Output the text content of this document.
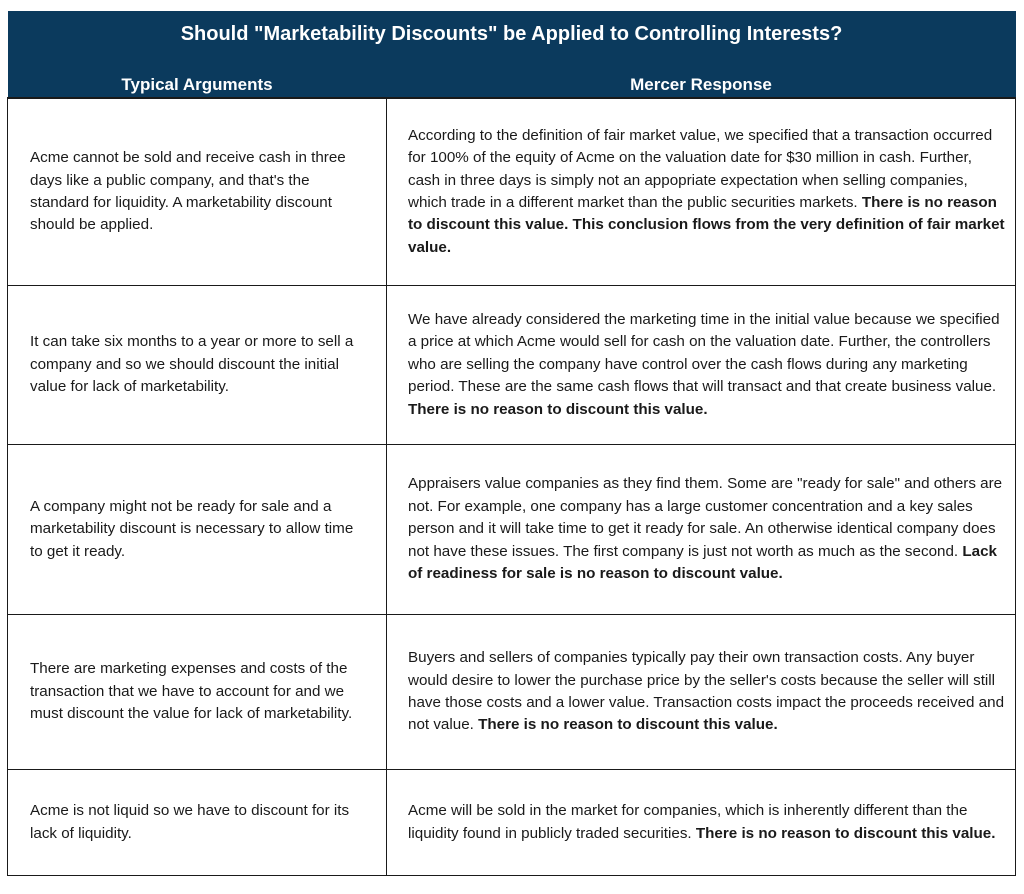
Should "Marketability Discounts" be Applied to Controlling Interests?	
Typical Arguments	Mercer Response
Acme cannot be sold and receive cash in three days like a public company, and that's the standard for liquidity. A marketability discount should be applied.	According to the definition of fair market value, we specified that a transaction occurred for 100% of the equity of Acme on the valuation date for $30 million in cash. Further, cash in three days is simply not an appopriate expectation when selling companies, which trade in a different market than the public securities markets. There is no reason to discount this value. This conclusion flows from the very definition of fair market value.
It can take six months to a year or more to sell a company and so we should discount the initial value for lack of marketability.	We have already considered the marketing time in the initial value because we specified a price at which Acme would sell for cash on the valuation date. Further, the controllers who are selling the company have control over the cash flows during any marketing period. These are the same cash flows that will transact and that create business value. There is no reason to discount this value.
A company might not be ready for sale and a marketability discount is necessary to allow time to get it ready.	Appraisers value companies as they find them. Some are "ready for sale" and others are not. For example, one company has a large customer concentration and a key sales person and it will take time to get it ready for sale. An otherwise identical company does not have these issues. The first company is just not worth as much as the second. Lack of readiness for sale is no reason to discount value.
There are marketing expenses and costs of the transaction that we have to account for and we must discount the value for lack of marketability.	Buyers and sellers of companies typically pay their own transaction costs. Any buyer would desire to lower the purchase price by the seller's costs because the seller will still have those costs and a lower value. Transaction costs impact the proceeds received and not value. There is no reason to discount this value.
Acme is not liquid so we have to discount for its lack of liquidity.	Acme will be sold in the market for companies, which is inherently different than the liquidity found in publicly traded securities. There is no reason to discount this value.
